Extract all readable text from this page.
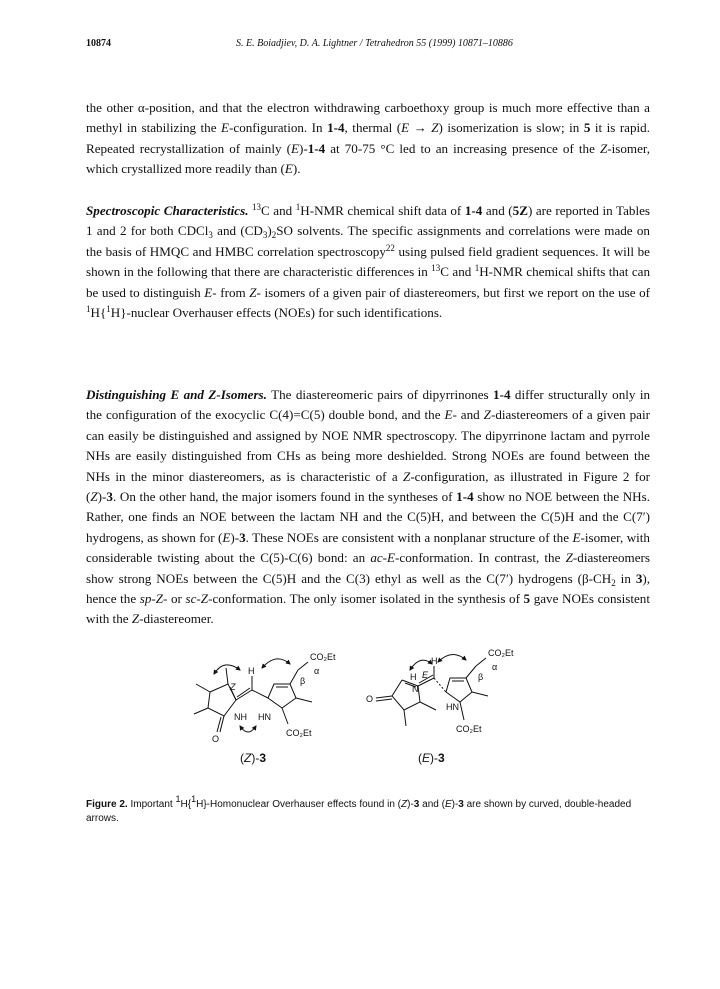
10874	S. E. Boiadjiev, D. A. Lightner / Tetrahedron 55 (1999) 10871–10886

the other α-position, and that the electron withdrawing carboethoxy group is much more effective than a methyl in stabilizing the E-configuration. In 1-4, thermal (E → Z) isomerization is slow; in 5 it is rapid. Repeated recrystallization of mainly (E)-1-4 at 70-75 °C led to an increasing presence of the Z-isomer, which crystallized more readily than (E).

Spectroscopic Characteristics. $^{13}$C and $^1$H-NMR chemical shift data of 1-4 and (5Z) are reported in Tables 1 and 2 for both CDCl$_3$ and $(CD_3)_2SO$ solvents. The specific assignments and correlations were made on the basis of HMQC and HMBC correlation spectroscopy$^{22}$ using pulsed field gradient sequences. It will be shown in the following that there are characteristic differences in $^{13}$C and $^1$H-NMR chemical shifts that can be used to distinguish E- from Z- isomers of a given pair of diastereomers, but first we report on the use of $^1$H{$^1$H}-nuclear Overhauser effects (NOEs) for such identifications.

Distinguishing E and Z-Isomers. The diastereomeric pairs of dipyrrinones 1-4 differ structurally only in the configuration of the exocyclic C(4)=C(5) double bond, and the E- and Z-diastereomers of a given pair can easily be distinguished and assigned by NOE NMR spectroscopy. The dipyrrinone lactam and pyrrole NHs are easily distinguished from CHs as being more deshielded. Strong NOEs are found between the NHs in the minor diastereomers, as is characteristic of a Z-configuration, as illustrated in Figure 2 for (Z)-3. On the other hand, the major isomers found in the syntheses of 1-4 show no NOE between the NHs. Rather, one finds an NOE between the lactam NH and the C(5)H, and between the C(5)H and the C(7′) hydrogens, as shown for (E)-3. These NOEs are consistent with a nonplanar structure of the E-isomer, with considerable twisting about the C(5)-C(6) bond: an ac-E-conformation. In contrast, the Z-diastereomers show strong NOEs between the C(5)H and the C(3) ethyl as well as the C(7′) hydrogens ($\beta-CH_2$ in 3), hence the sp-Z- or sc-Z-conformation. The only isomer isolated in the synthesis of 5 gave NOEs consistent with the Z-diastereomer.

CO₂Et
α
β
H
Z
NH HN
O
CO₂Et
(Z)-3
CO₂Et
α
β
H
H E
N
HN
O
CO₂Et
(E)-3
Figure 2. Important $^1$H{$^1$H}-Homonuclear Overhauser effects found in (Z)-3 and (E)-3 are shown by curved, double-headed arrows.
